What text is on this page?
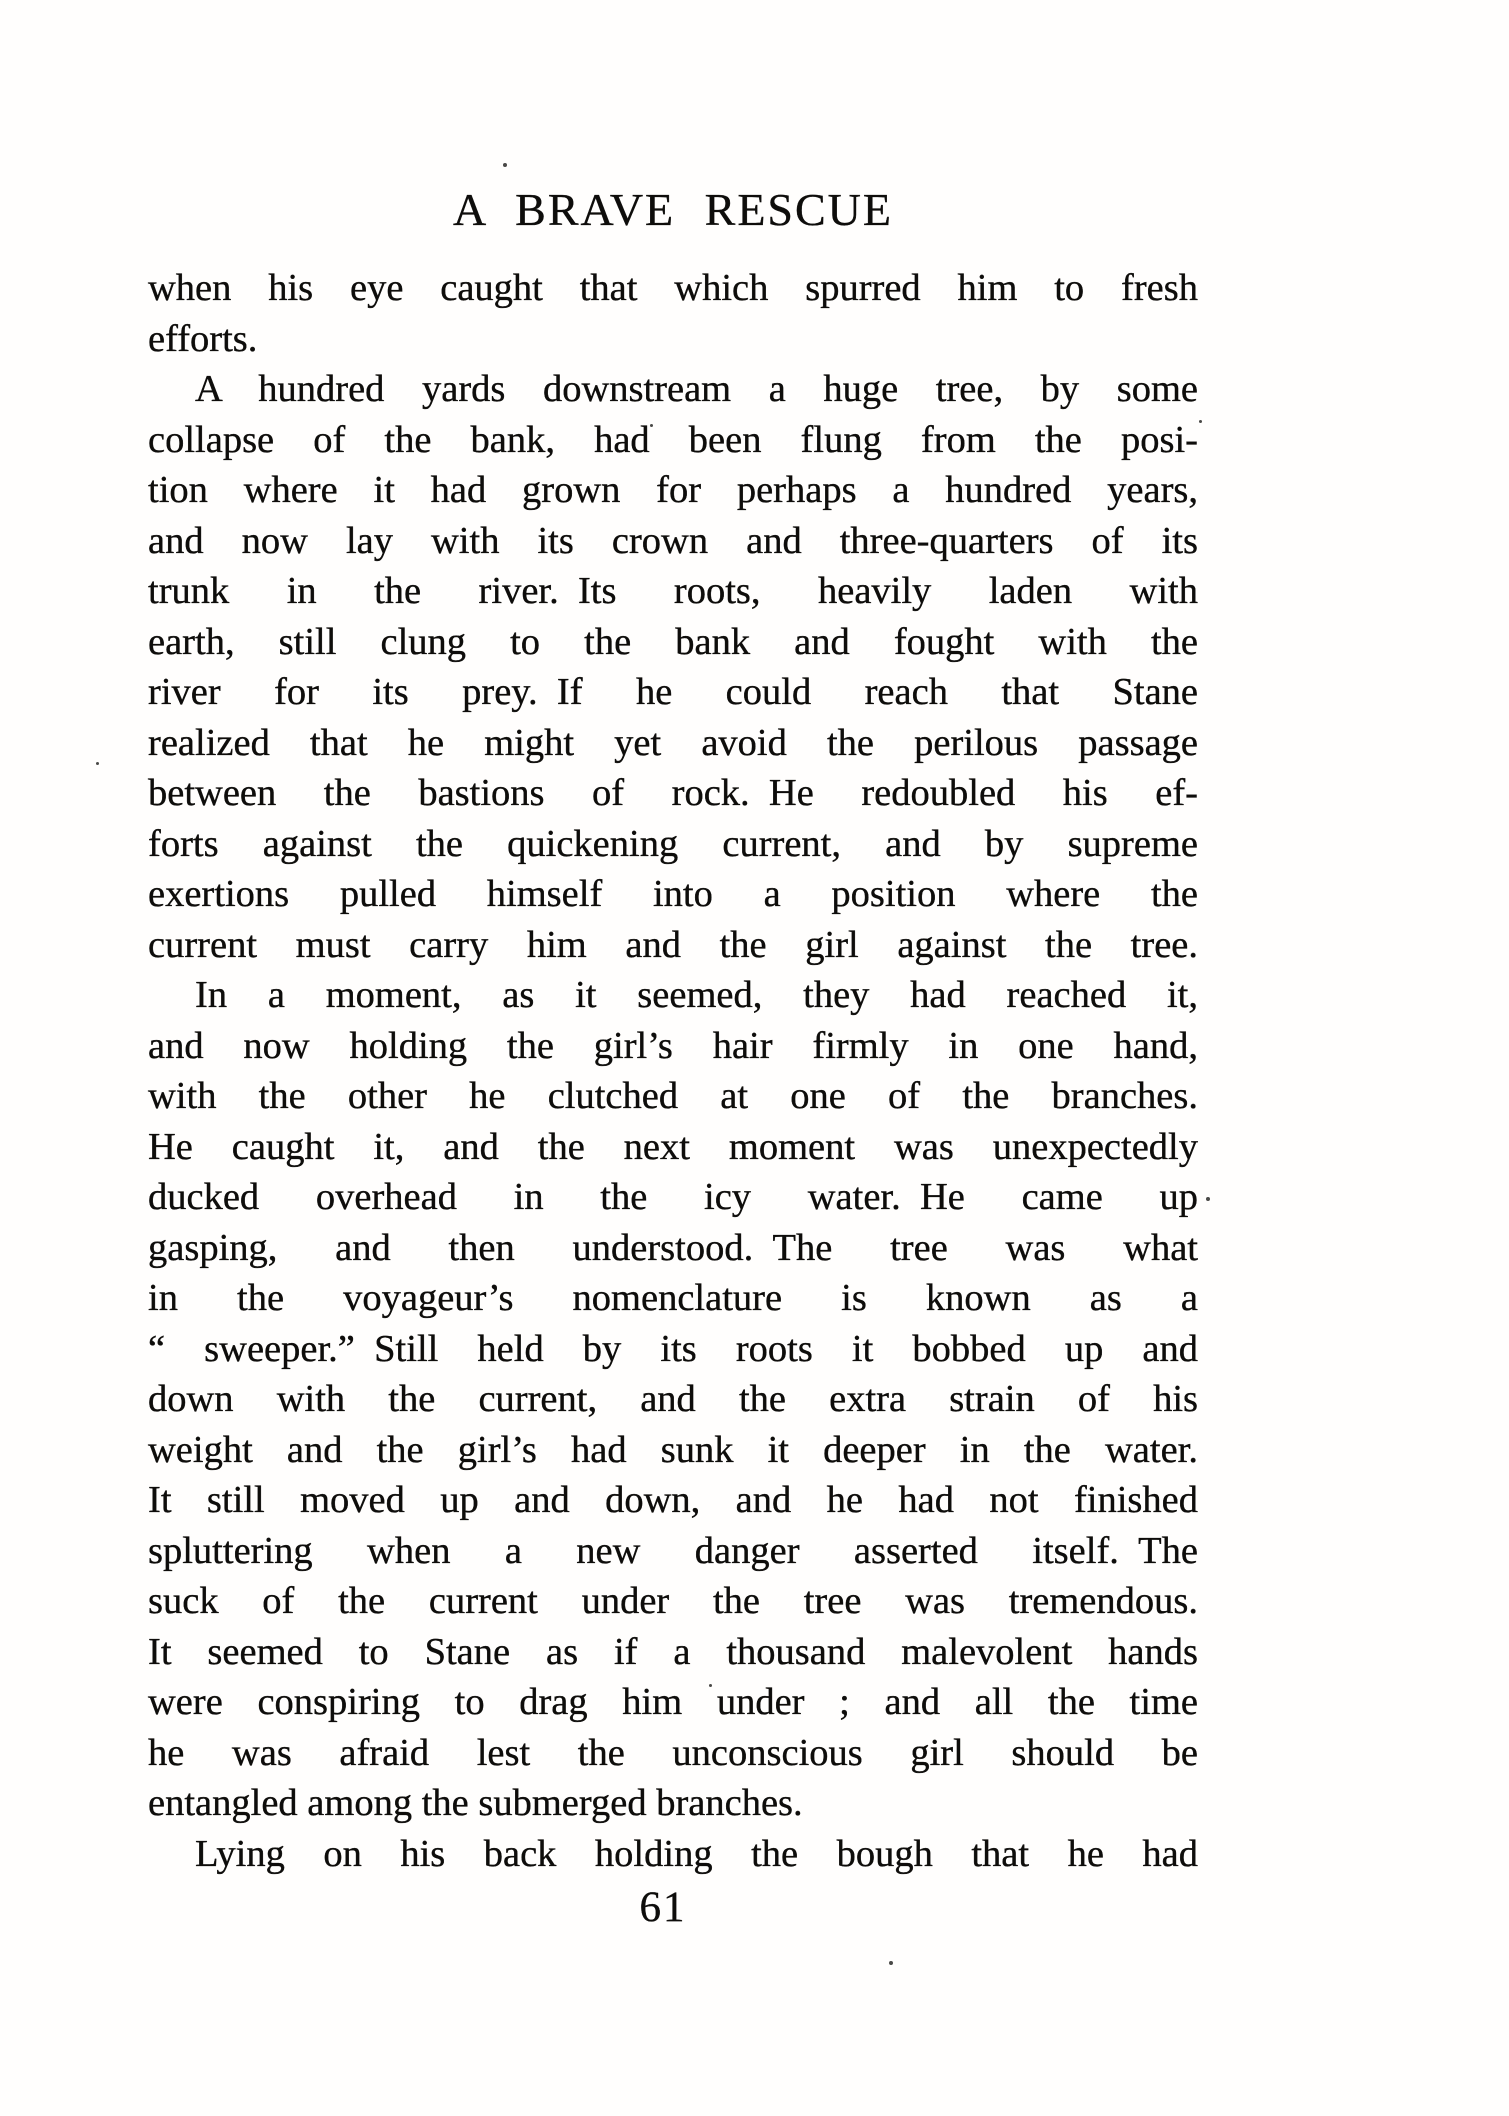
A BRAVE RESCUE
when his eye caught that which spurred him to fresh
efforts.
A hundred yards downstream a huge tree, by some
collapse of the bank, had been flung from the posi-
tion where it had grown for perhaps a hundred years,
and now lay with its crown and three-quarters of its
trunk in the river. Its roots, heavily laden with
earth, still clung to the bank and fought with the
river for its prey. If he could reach that Stane
realized that he might yet avoid the perilous passage
between the bastions of rock. He redoubled his ef-
forts against the quickening current, and by supreme
exertions pulled himself into a position where the
current must carry him and the girl against the tree.
In a moment, as it seemed, they had reached it,
and now holding the girl’s hair firmly in one hand,
with the other he clutched at one of the branches.
He caught it, and the next moment was unexpectedly
ducked overhead in the icy water. He came up
gasping, and then understood. The tree was what
in the voyageur’s nomenclature is known as a
“ sweeper.” Still held by its roots it bobbed up and
down with the current, and the extra strain of his
weight and the girl’s had sunk it deeper in the water.
It still moved up and down, and he had not finished
spluttering when a new danger asserted itself. The
suck of the current under the tree was tremendous.
It seemed to Stane as if a thousand malevolent hands
were conspiring to drag him under ; and all the time
he was afraid lest the unconscious girl should be
entangled among the submerged branches.
Lying on his back holding the bough that he had
61
